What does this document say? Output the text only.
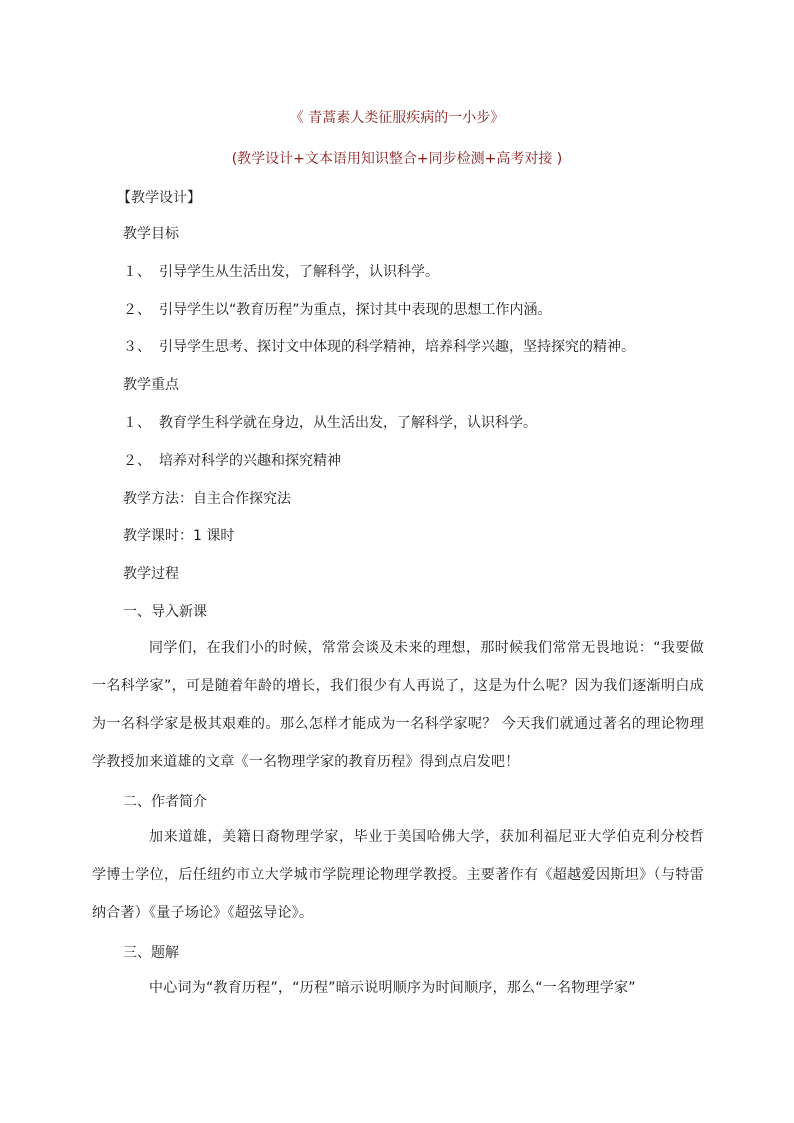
《 青蒿素人类征服疾病的一小步》
(教学设计+文本语用知识整合+同步检测+高考对接 )
【教学设计】
教学目标
１、 引导学生从生活出发，了解科学，认识科学。
２、 引导学生以“教育历程”为重点，探讨其中表现的思想工作内涵。
３、 引导学生思考、探讨文中体现的科学精神，培养科学兴趣，坚持探究的精神。
教学重点
１、 教育学生科学就在身边，从生活出发，了解科学，认识科学。
２、 培养对科学的兴趣和探究精神
教学方法：自主合作探究法
教学课时：1 课时
教学过程
一、导入新课
同学们，在我们小的时候，常常会谈及未来的理想，那时候我们常常无畏地说：“我要做一名科学家”，可是随着年龄的增长，我们很少有人再说了，这是为什么呢？因为我们逐渐明白成为一名科学家是极其艰难的。那么怎样才能成为一名科学家呢？ 今天我们就通过著名的理论物理学教授加来道雄的文章《一名物理学家的教育历程》得到点启发吧！
二、作者简介
加来道雄，美籍日裔物理学家，毕业于美国哈佛大学，获加利福尼亚大学伯克利分校哲学博士学位，后任纽约市立大学城市学院理论物理学教授。主要著作有《超越爱因斯坦》（与特雷纳合著）《量子场论》《超弦导论》。
三、题解
中心词为“教育历程”，“历程”暗示说明顺序为时间顺序，那么“一名物理学家”
